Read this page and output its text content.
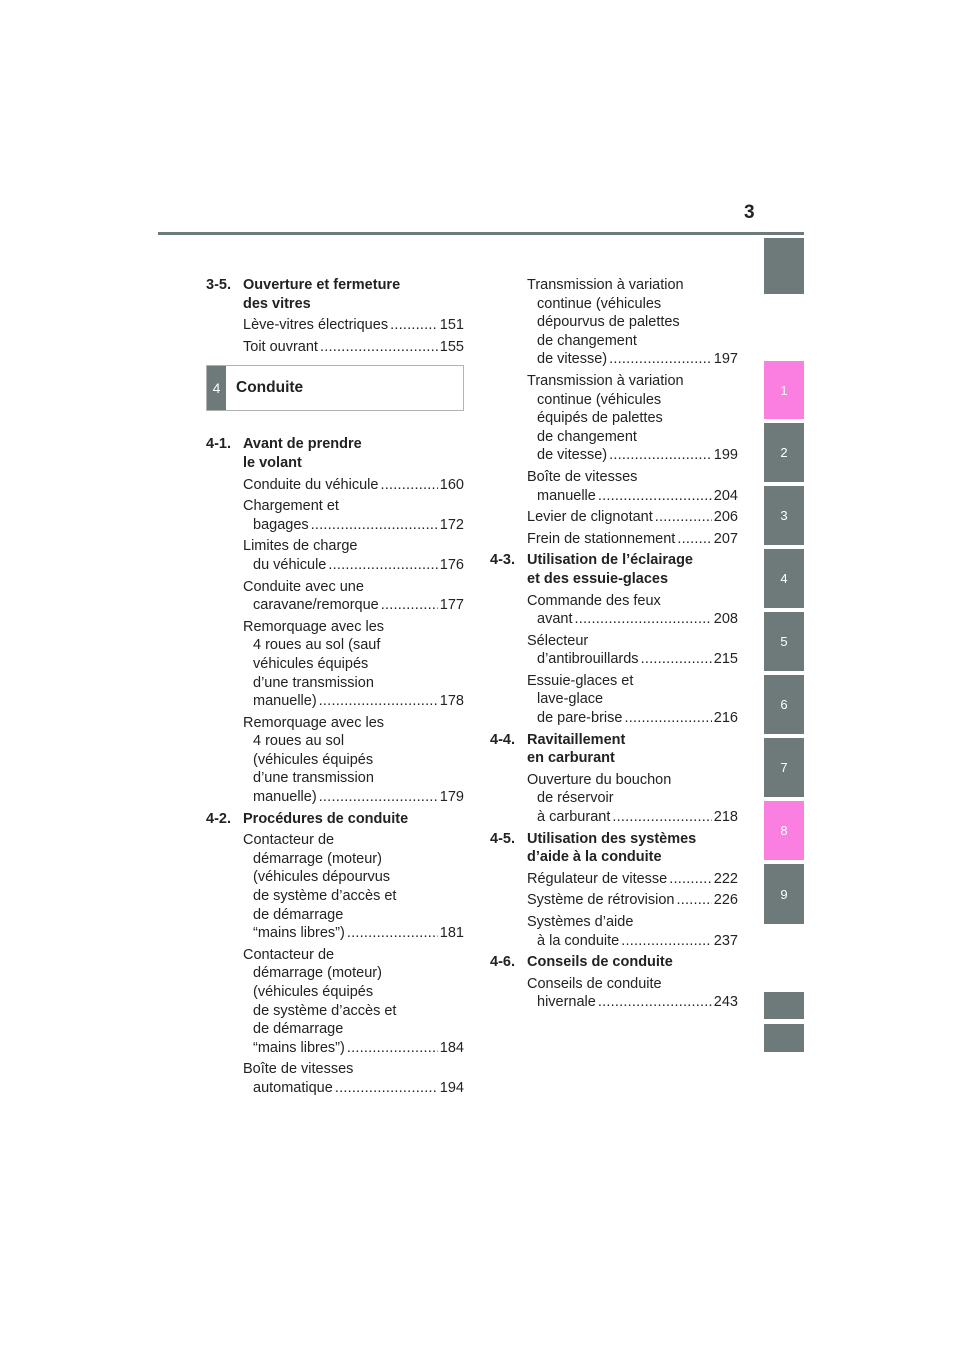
3
1
2
3
4
5
6
7
8
9
3-5. Ouverture et fermeture
des vitres
Lève-vitres électriques . . .	151
Toit ouvrant . . .	155
4	Conduite
4-1. Avant de prendre
le volant
Conduite du véhicule . . .	160
Chargement et
bagages . . .	172
Limites de charge
du véhicule . . .	176
Conduite avec une
caravane/remorque . . .	177
Remorquage avec les
4 roues au sol (sauf
véhicules équipés
d’une transmission
manuelle) . . .	178
Remorquage avec les
4 roues au sol
(véhicules équipés
d’une transmission
manuelle) . . .	179
4-2. Procédures de conduite
Contacteur de
démarrage (moteur)
(véhicules dépourvus
de système d’accès et
de démarrage
“mains libres”) . . .	181
Contacteur de
démarrage (moteur)
(véhicules équipés
de système d’accès et
de démarrage
“mains libres”) . . .	184
Boîte de vitesses
automatique . . .	194
Transmission à variation
continue (véhicules
dépourvus de palettes
de changement
de vitesse) . . .	197
Transmission à variation
continue (véhicules
équipés de palettes
de changement
de vitesse) . . .	199
Boîte de vitesses
manuelle . . .	204
Levier de clignotant . . .	206
Frein de stationnement . . .	207
4-3. Utilisation de l’éclairage
et des essuie-glaces
Commande des feux
avant . . .	208
Sélecteur
d’antibrouillards . . .	215
Essuie-glaces et
lave-glace
de pare-brise . . .	216
4-4. Ravitaillement
en carburant
Ouverture du bouchon
de réservoir
à carburant . . .	218
4-5. Utilisation des systèmes
d’aide à la conduite
Régulateur de vitesse . . .	222
Système de rétrovision . . .	226
Systèmes d’aide
à la conduite . . .	237
4-6. Conseils de conduite
Conseils de conduite
hivernale . . .	243
